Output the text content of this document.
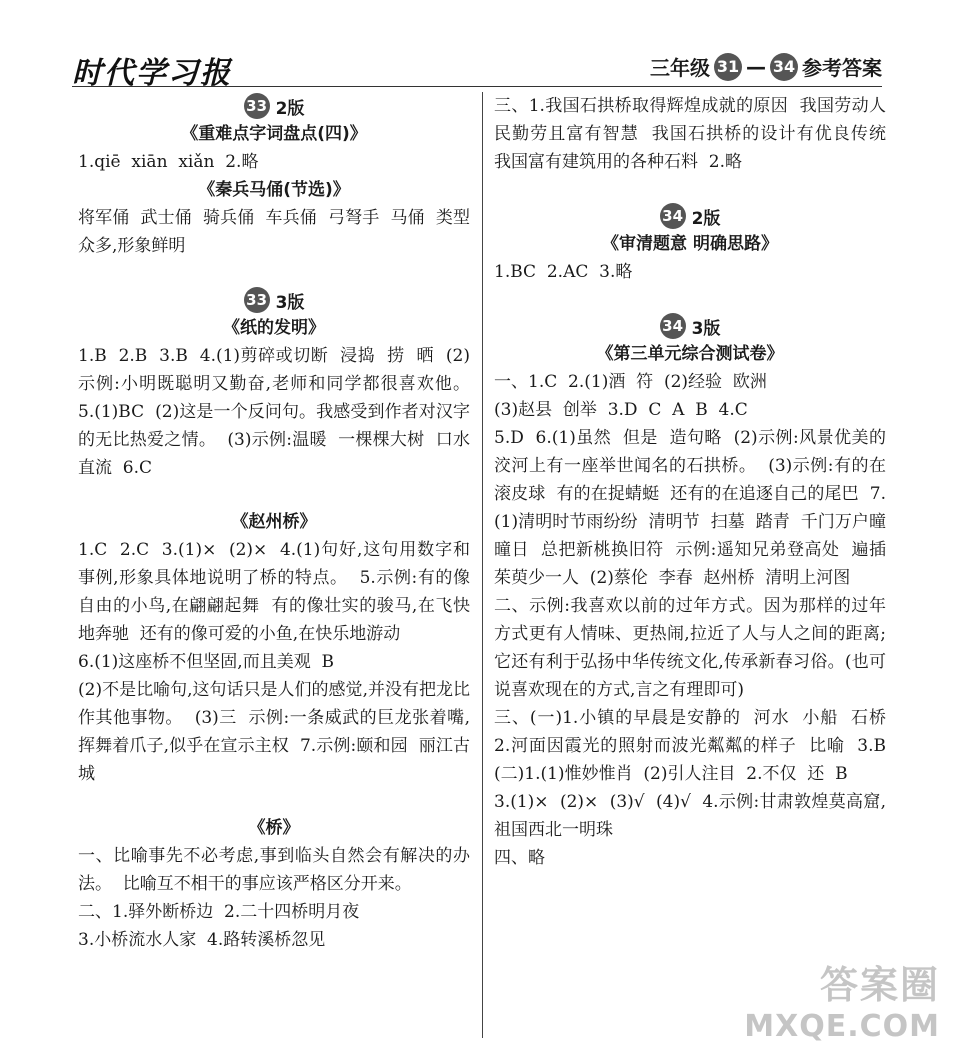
时代学习报	三年级 31 — 34 参考答案
33 2版
《重难点字词盘点(四)》

1.qiē  xiān  xiǎn  2.略

《秦兵马俑(节选)》

将军俑  武士俑  骑兵俑  车兵俑  弓弩手  马俑  类型众多,形象鲜明

33 3版
《纸的发明》

1.B  2.B  3.B  4.(1)剪碎或切断  浸捣  捞  晒  (2)示例:小明既聪明又勤奋,老师和同学都很喜欢他。  5.(1)BC  (2)这是一个反问句。我感受到作者对汉字的无比热爱之情。  (3)示例:温暖  一棵棵大树  口水直流  6.C

《赵州桥》

1.C  2.C  3.(1)×  (2)×  4.(1)句好,这句用数字和事例,形象具体地说明了桥的特点。  5.示例:有的像自由的小鸟,在翩翩起舞  有的像壮实的骏马,在飞快地奔驰  还有的像可爱的小鱼,在快乐地游动

6.(1)这座桥不但坚固,而且美观  B

(2)不是比喻句,这句话只是人们的感觉,并没有把龙比作其他事物。  (3)三  示例:一条威武的巨龙张着嘴,挥舞着爪子,似乎在宣示主权  7.示例:颐和园  丽江古城

《桥》

一、比喻事先不必考虑,事到临头自然会有解决的办法。  比喻互不相干的事应该严格区分开来。

二、1.驿外断桥边  2.二十四桥明月夜

3.小桥流水人家  4.路转溪桥忽见

三、1.我国石拱桥取得辉煌成就的原因  我国劳动人民勤劳且富有智慧  我国石拱桥的设计有优良传统  我国富有建筑用的各种石料  2.略

34 2版
《审清题意 明确思路》

1.BC  2.AC  3.略

34 3版
《第三单元综合测试卷》

一、1.C  2.(1)酒  符  (2)经验  欧洲

(3)赵县  创举  3.D  C  A  B  4.C

5.D  6.(1)虽然  但是  造句略  (2)示例:风景优美的洨河上有一座举世闻名的石拱桥。  (3)示例:有的在滚皮球  有的在捉蜻蜓  还有的在追逐自己的尾巴  7.(1)清明时节雨纷纷  清明节  扫墓  踏青  千门万户曈曈日  总把新桃换旧符  示例:遥知兄弟登高处  遍插茱萸少一人  (2)蔡伦  李春  赵州桥  清明上河图

二、示例:我喜欢以前的过年方式。因为那样的过年方式更有人情味、更热闹,拉近了人与人之间的距离;它还有利于弘扬中华传统文化,传承新春习俗。(也可说喜欢现在的方式,言之有理即可)

三、(一)1.小镇的早晨是安静的  河水  小船  石桥  2.河面因霞光的照射而波光粼粼的样子  比喻  3.B  (二)1.(1)惟妙惟肖  (2)引人注目  2.不仅  还  B

3.(1)×  (2)×  (3)√  (4)√  4.示例:甘肃敦煌莫高窟,祖国西北一明珠

四、略

答案圈
MXQE.COM
